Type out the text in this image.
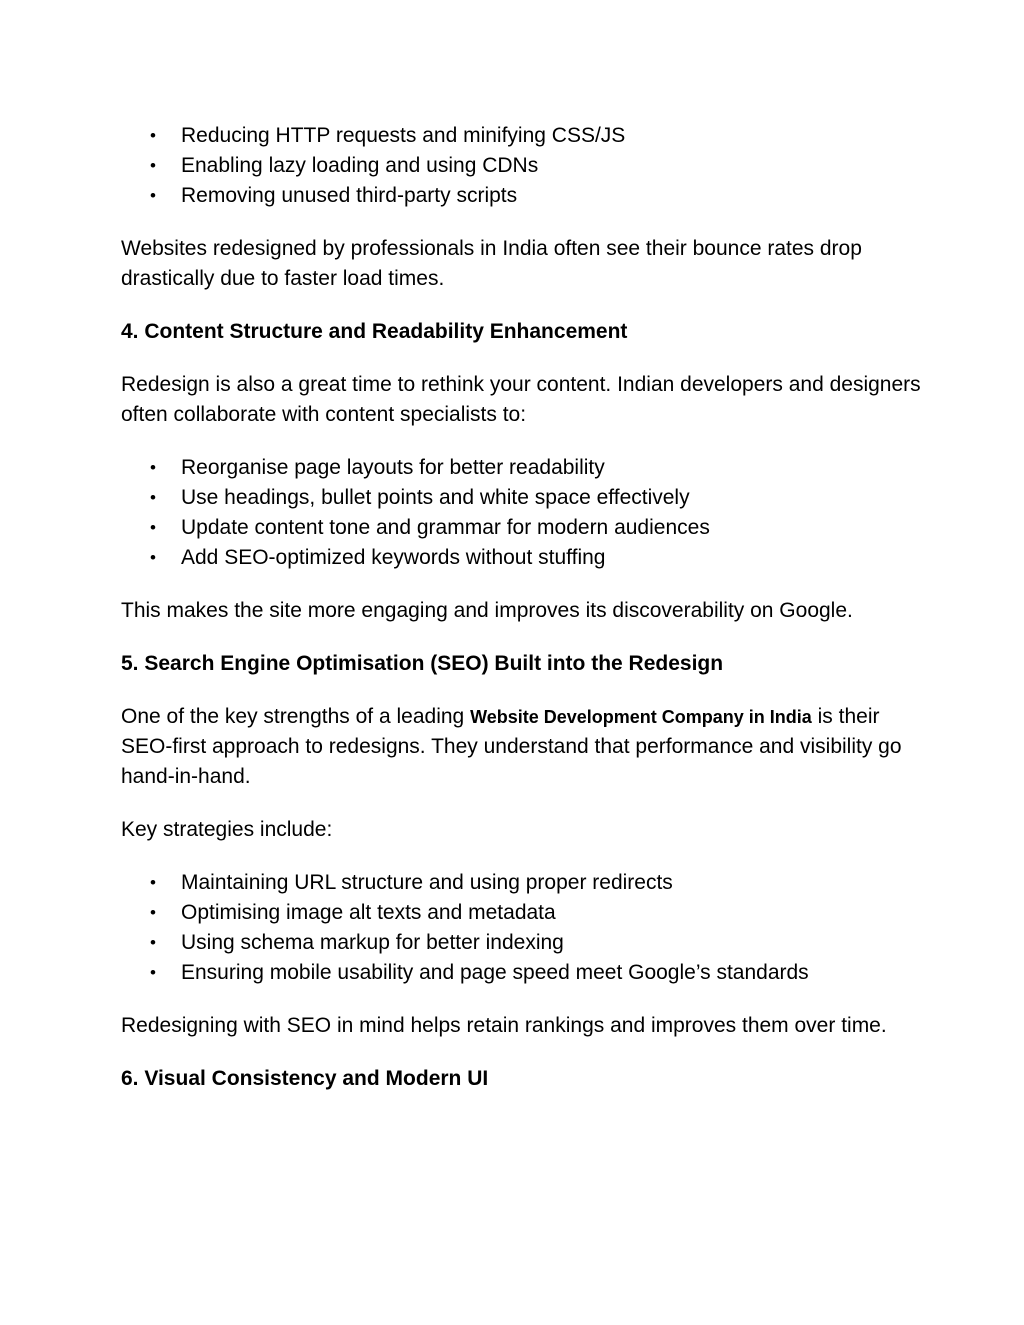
• Reducing HTTP requests and minifying CSS/JS
• Enabling lazy loading and using CDNs
• Removing unused third-party scripts

Websites redesigned by professionals in India often see their bounce rates drop drastically due to faster load times.

4. Content Structure and Readability Enhancement

Redesign is also a great time to rethink your content. Indian developers and designers often collaborate with content specialists to:

• Reorganise page layouts for better readability
• Use headings, bullet points and white space effectively
• Update content tone and grammar for modern audiences
• Add SEO-optimized keywords without stuffing

This makes the site more engaging and improves its discoverability on Google.

5. Search Engine Optimisation (SEO) Built into the Redesign

One of the key strengths of a leading Website Development Company in India is their SEO-first approach to redesigns. They understand that performance and visibility go hand-in-hand.

Key strategies include:

• Maintaining URL structure and using proper redirects
• Optimising image alt texts and metadata
• Using schema markup for better indexing
• Ensuring mobile usability and page speed meet Google’s standards

Redesigning with SEO in mind helps retain rankings and improves them over time.

6. Visual Consistency and Modern UI
